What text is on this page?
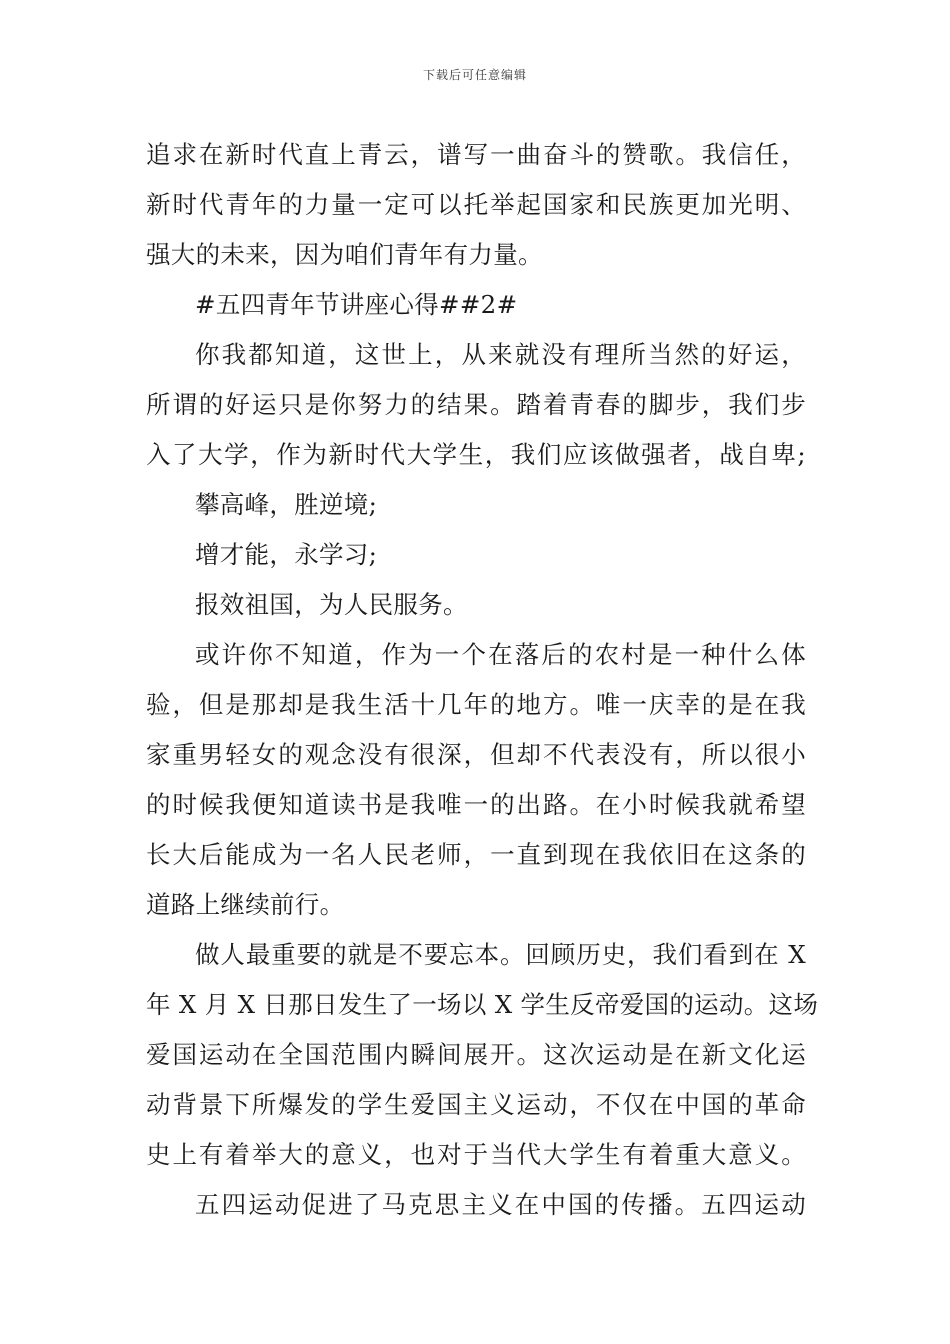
下载后可任意编辑

追求在新时代直上青云，谱写一曲奋斗的赞歌。我信任，

新时代青年的力量一定可以托举起国家和民族更加光明、

强大的未来，因为咱们青年有力量。

#五四青年节讲座心得##2#

你我都知道，这世上，从来就没有理所当然的好运，

所谓的好运只是你努力的结果。踏着青春的脚步，我们步

入了大学，作为新时代大学生，我们应该做强者，战自卑;

攀高峰，胜逆境;

增才能，永学习;

报效祖国，为人民服务。

或许你不知道，作为一个在落后的农村是一种什么体

验，但是那却是我生活十几年的地方。唯一庆幸的是在我

家重男轻女的观念没有很深，但却不代表没有，所以很小

的时候我便知道读书是我唯一的出路。在小时候我就希望

长大后能成为一名人民老师，一直到现在我依旧在这条的

道路上继续前行。

做人最重要的就是不要忘本。回顾历史，我们看到在 X

年 X 月 X 日那日发生了一场以 X 学生反帝爱国的运动。这场

爱国运动在全国范围内瞬间展开。这次运动是在新文化运

动背景下所爆发的学生爱国主义运动，不仅在中国的革命

史上有着举大的意义，也对于当代大学生有着重大意义。

五四运动促进了马克思主义在中国的传播。五四运动
